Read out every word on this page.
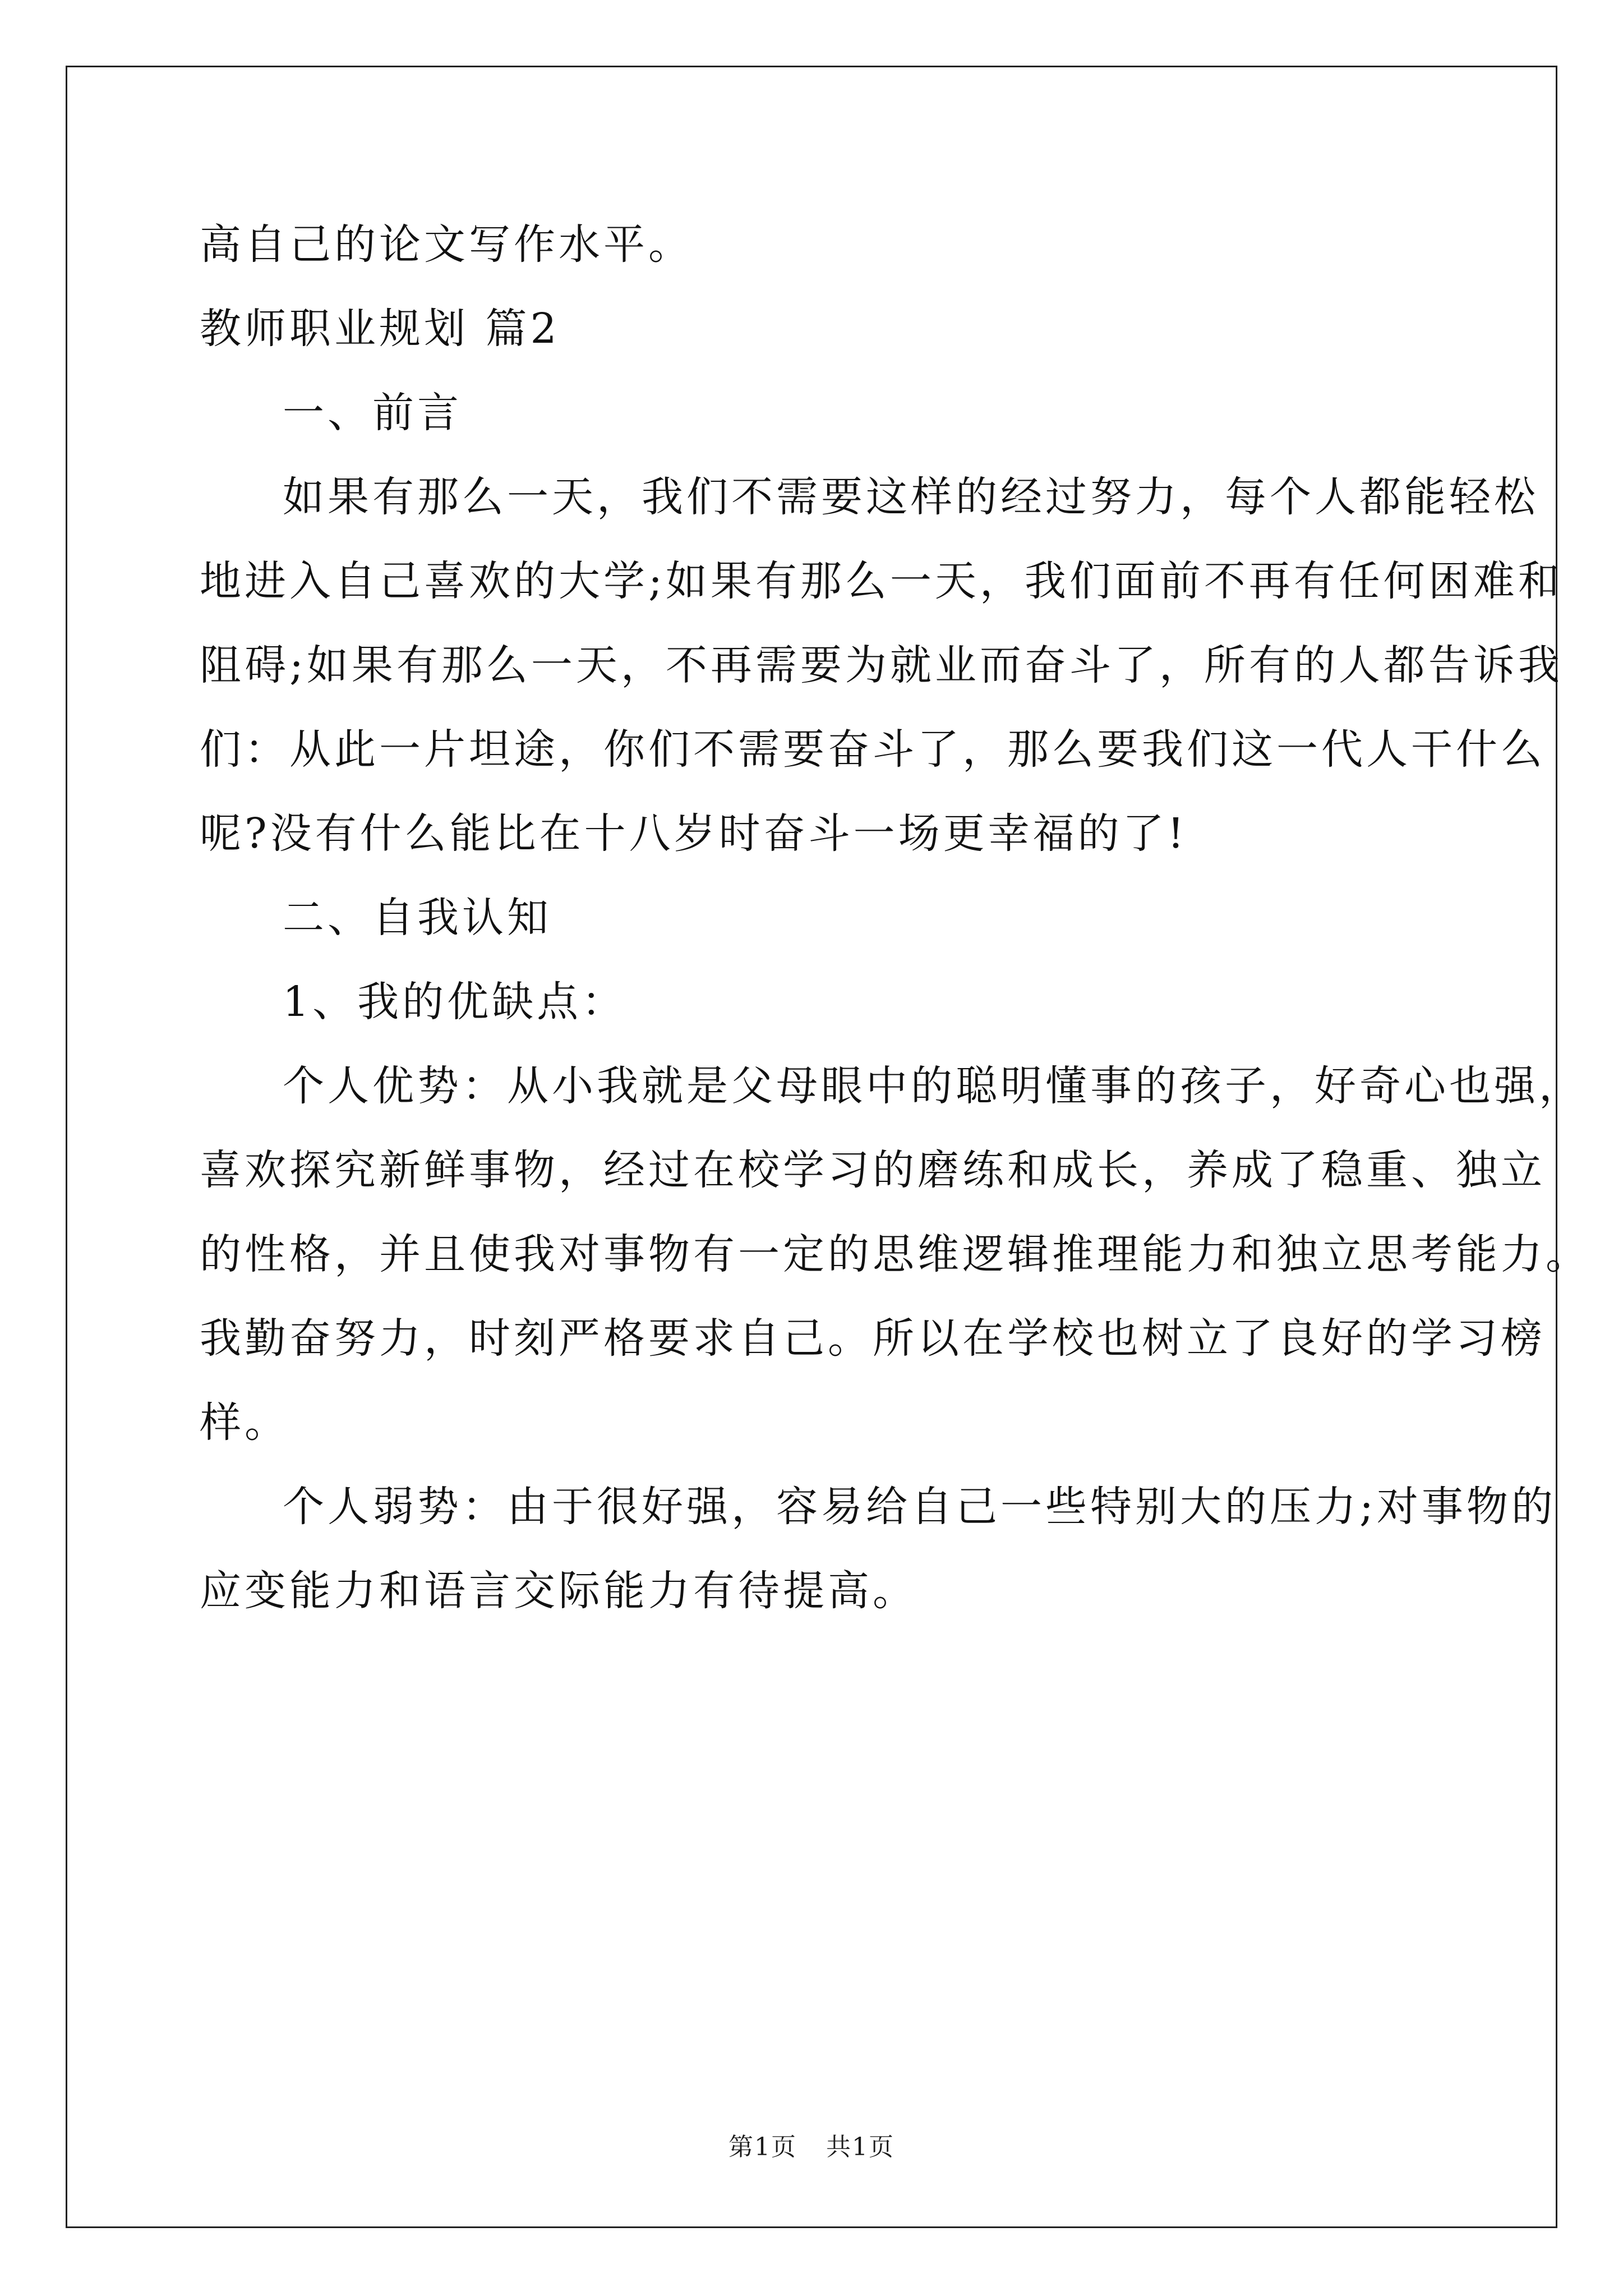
高自己的论文写作水平。
教师职业规划 篇2
一、前言
如果有那么一天，我们不需要这样的经过努力，每个人都能轻松
地进入自己喜欢的大学;如果有那么一天，我们面前不再有任何困难和
阻碍;如果有那么一天，不再需要为就业而奋斗了，所有的人都告诉我
们：从此一片坦途，你们不需要奋斗了，那么要我们这一代人干什么
呢?没有什么能比在十八岁时奋斗一场更幸福的了!
二、自我认知
1、我的优缺点：
个人优势：从小我就是父母眼中的聪明懂事的孩子，好奇心也强，
喜欢探究新鲜事物，经过在校学习的磨练和成长，养成了稳重、独立
的性格，并且使我对事物有一定的思维逻辑推理能力和独立思考能力。
我勤奋努力，时刻严格要求自己。所以在学校也树立了良好的学习榜
样。
个人弱势：由于很好强，容易给自己一些特别大的压力;对事物的
应变能力和语言交际能力有待提高。
第1页 共1页
